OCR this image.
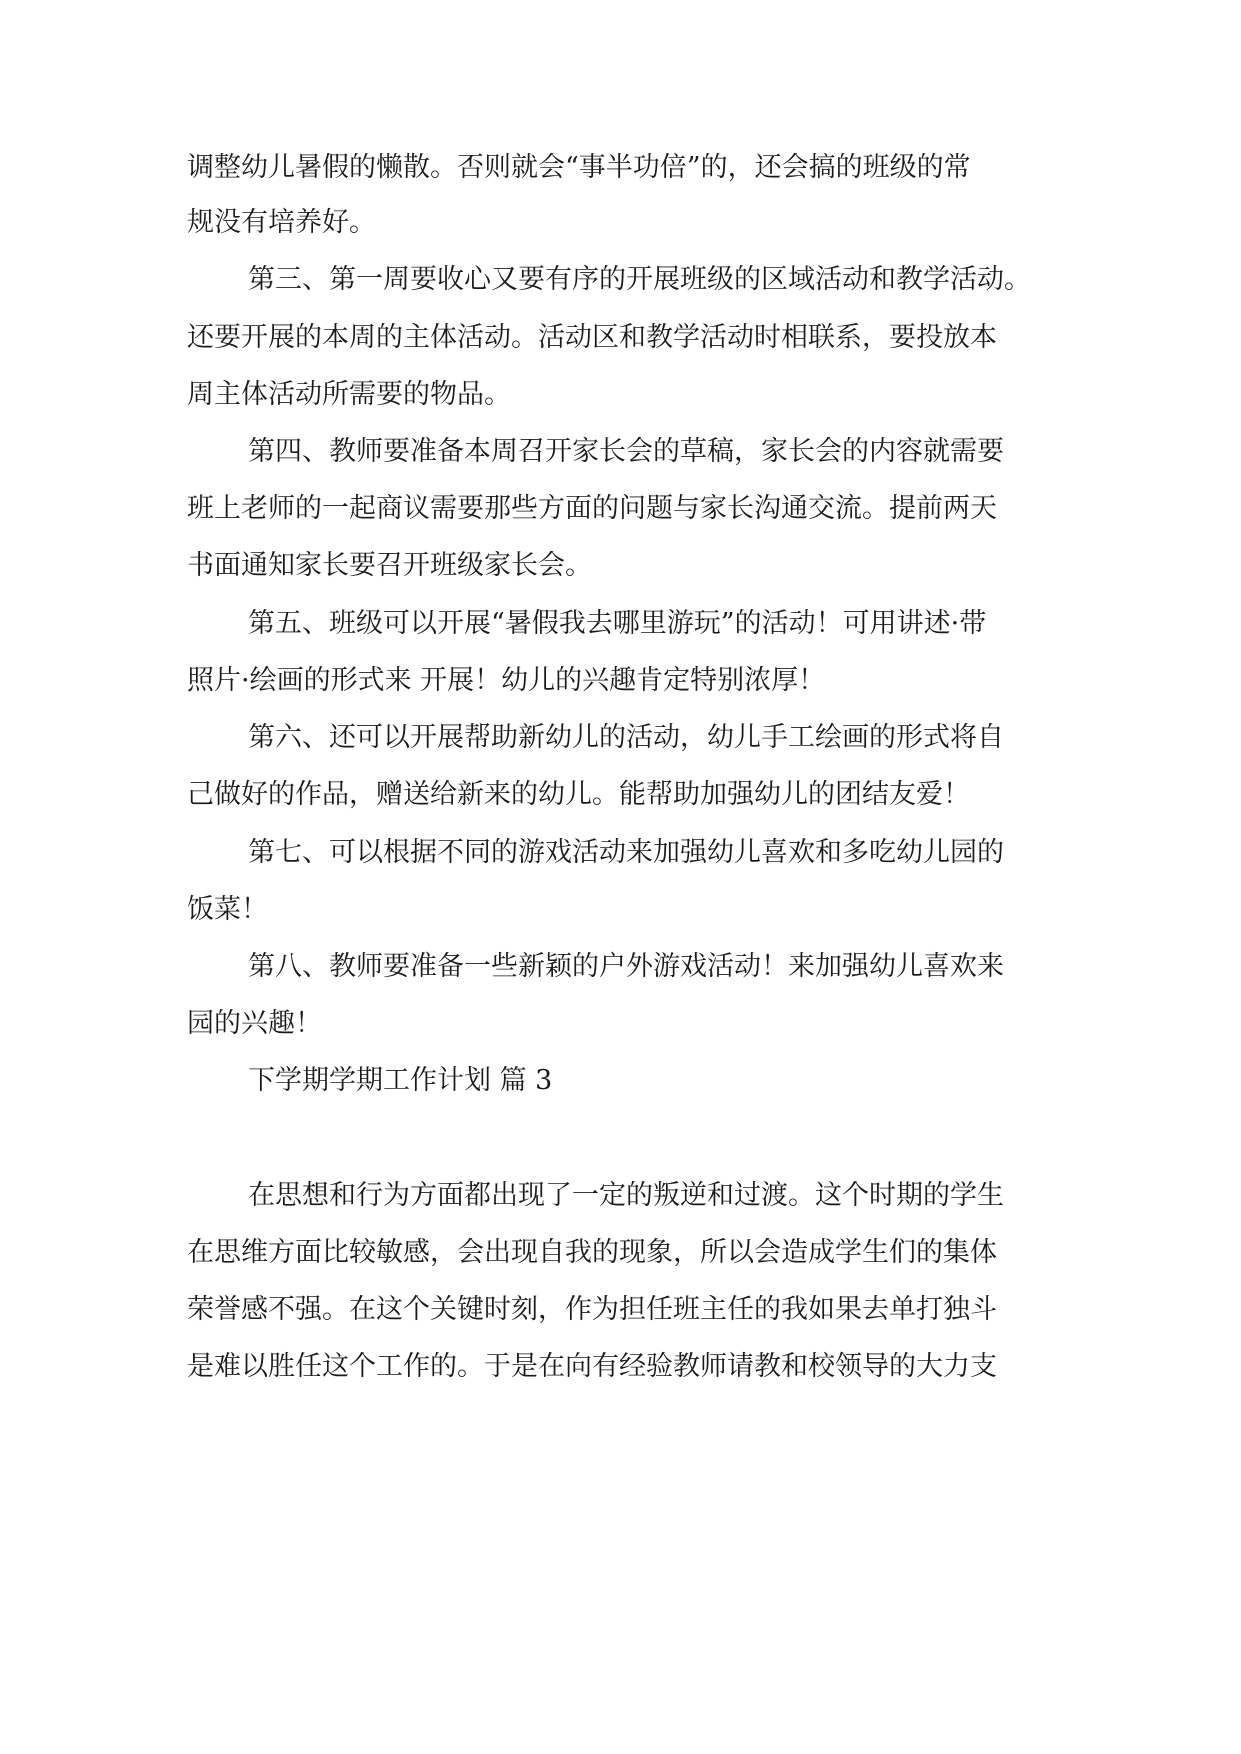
调整幼儿暑假的懒散。否则就会“事半功倍”的，还会搞的班级的常

规没有培养好。

第三、第一周要收心又要有序的开展班级的区域活动和教学活动。

还要开展的本周的主体活动。活动区和教学活动时相联系，要投放本

周主体活动所需要的物品。

第四、教师要准备本周召开家长会的草稿，家长会的内容就需要

班上老师的一起商议需要那些方面的问题与家长沟通交流。提前两天

书面通知家长要召开班级家长会。

第五、班级可以开展“暑假我去哪里游玩”的活动！可用讲述·带

照片·绘画的形式来 开展！幼儿的兴趣肯定特别浓厚！

第六、还可以开展帮助新幼儿的活动，幼儿手工绘画的形式将自

己做好的作品，赠送给新来的幼儿。能帮助加强幼儿的团结友爱！

第七、可以根据不同的游戏活动来加强幼儿喜欢和多吃幼儿园的

饭菜！

第八、教师要准备一些新颖的户外游戏活动！来加强幼儿喜欢来

园的兴趣！

下学期学期工作计划 篇 3

在思想和行为方面都出现了一定的叛逆和过渡。这个时期的学生

在思维方面比较敏感，会出现自我的现象，所以会造成学生们的集体

荣誉感不强。在这个关键时刻，作为担任班主任的我如果去单打独斗

是难以胜任这个工作的。于是在向有经验教师请教和校领导的大力支
